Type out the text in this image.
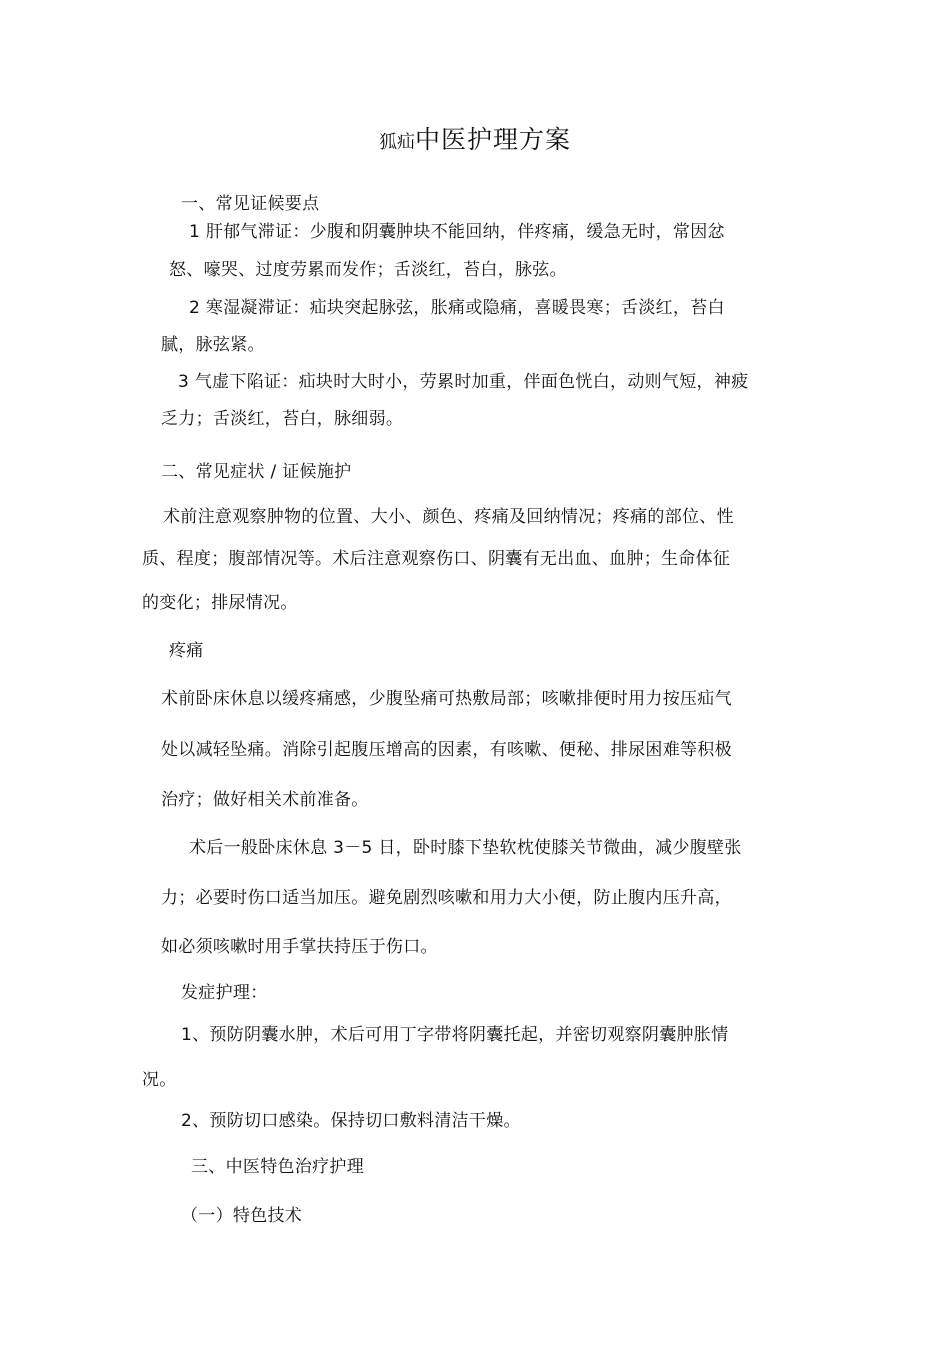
狐疝中医护理方案
一、常见证候要点
1 肝郁气滞证：少腹和阴囊肿块不能回纳，伴疼痛，缓急无时，常因忿
怒、嚎哭、过度劳累而发作；舌淡红，苔白，脉弦。
2 寒湿凝滞证：疝块突起脉弦，胀痛或隐痛，喜暖畏寒；舌淡红，苔白
腻，脉弦紧。
3 气虚下陷证：疝块时大时小，劳累时加重，伴面色恍白，动则气短，神疲
乏力；舌淡红，苔白，脉细弱。
二、常见症状 / 证候施护
术前注意观察肿物的位置、大小、颜色、疼痛及回纳情况；疼痛的部位、性
质、程度；腹部情况等。术后注意观察伤口、阴囊有无出血、血肿；生命体征
的变化；排尿情况。
疼痛
术前卧床休息以缓疼痛感，少腹坠痛可热敷局部；咳嗽排便时用力按压疝气
处以减轻坠痛。消除引起腹压增高的因素，有咳嗽、便秘、排尿困难等积极
治疗；做好相关术前准备。
术后一般卧床休息 3－5 日，卧时膝下垫软枕使膝关节微曲，减少腹壁张
力；必要时伤口适当加压。避免剧烈咳嗽和用力大小便，防止腹内压升高，
如必须咳嗽时用手掌扶持压于伤口。
发症护理：
1、预防阴囊水肿，术后可用丁字带将阴囊托起，并密切观察阴囊肿胀情
况。
2、预防切口感染。保持切口敷料清洁干燥。
三、中医特色治疗护理
（一）特色技术
